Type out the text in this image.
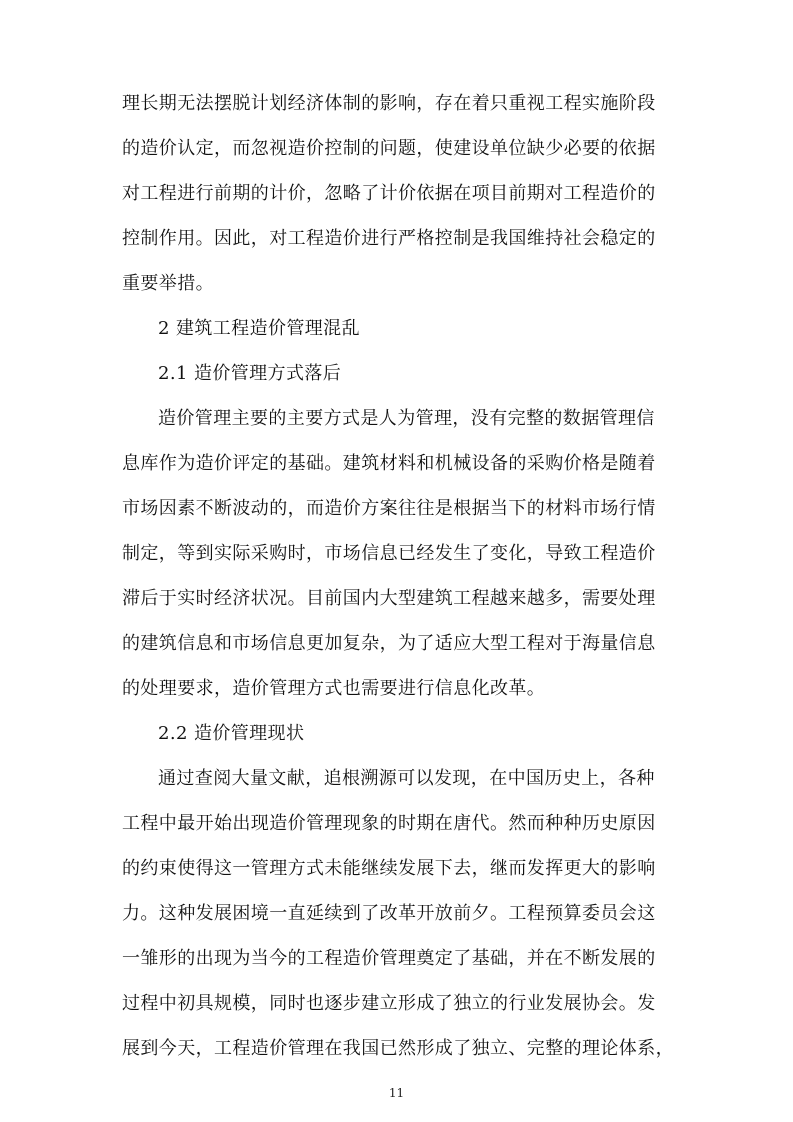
理长期无法摆脱计划经济体制的影响，存在着只重视工程实施阶段
的造价认定，而忽视造价控制的问题，使建设单位缺少必要的依据
对工程进行前期的计价，忽略了计价依据在项目前期对工程造价的
控制作用。因此，对工程造价进行严格控制是我国维持社会稳定的
重要举措。
2 建筑工程造价管理混乱
2.1 造价管理方式落后
造价管理主要的主要方式是人为管理，没有完整的数据管理信
息库作为造价评定的基础。建筑材料和机械设备的采购价格是随着
市场因素不断波动的，而造价方案往往是根据当下的材料市场行情
制定，等到实际采购时，市场信息已经发生了变化，导致工程造价
滞后于实时经济状况。目前国内大型建筑工程越来越多，需要处理
的建筑信息和市场信息更加复杂，为了适应大型工程对于海量信息
的处理要求，造价管理方式也需要进行信息化改革。
2.2 造价管理现状
通过查阅大量文献，追根溯源可以发现，在中国历史上，各种
工程中最开始出现造价管理现象的时期在唐代。然而种种历史原因
的约束使得这一管理方式未能继续发展下去，继而发挥更大的影响
力。这种发展困境一直延续到了改革开放前夕。工程预算委员会这
一雏形的出现为当今的工程造价管理奠定了基础，并在不断发展的
过程中初具规模，同时也逐步建立形成了独立的行业发展协会。发
展到今天，工程造价管理在我国已然形成了独立、完整的理论体系，
11
